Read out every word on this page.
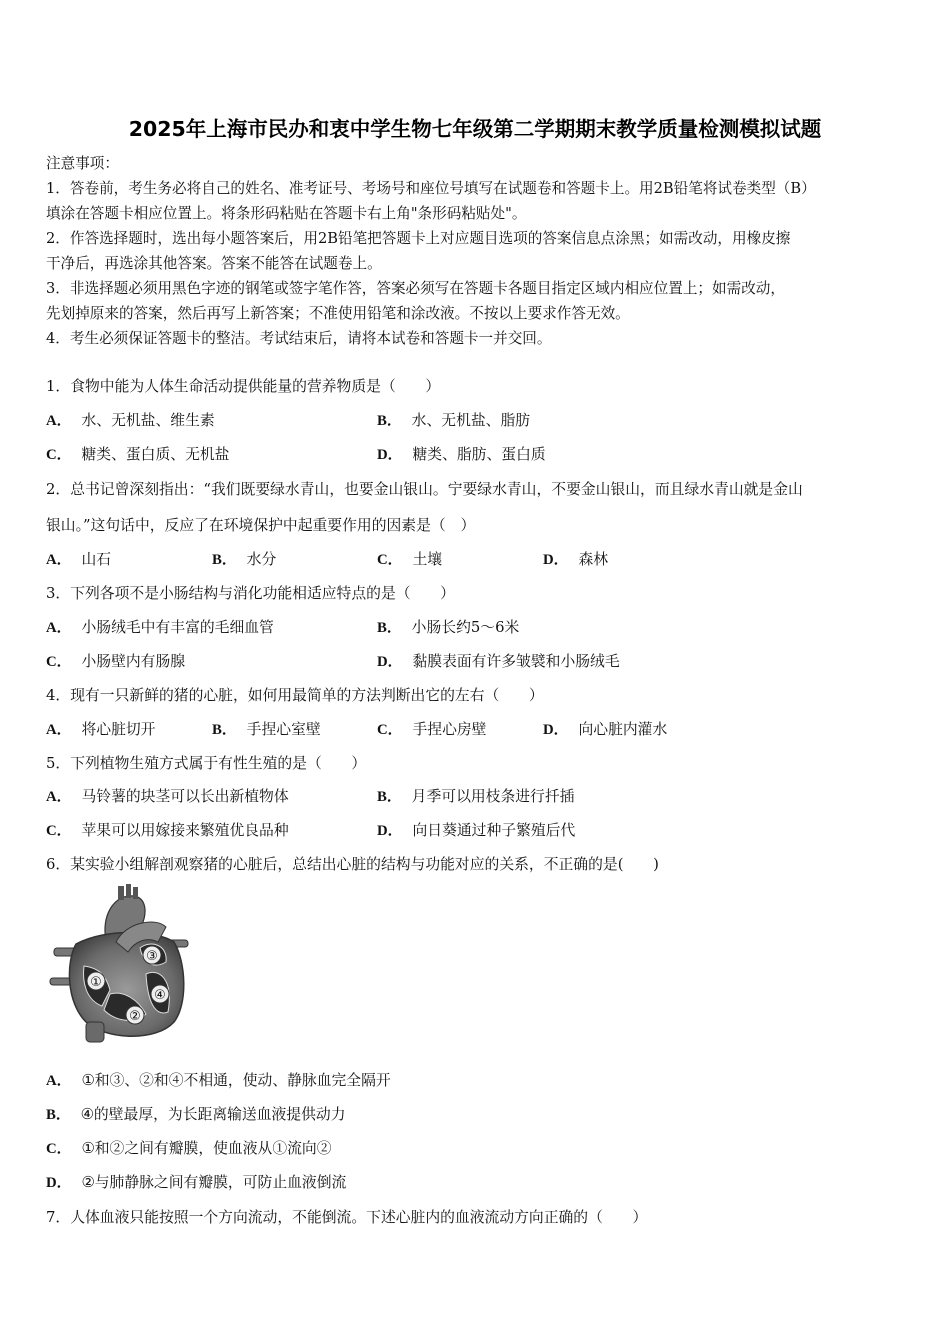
2025年上海市民办和衷中学生物七年级第二学期期末教学质量检测模拟试题
注意事项：
1．答卷前，考生务必将自己的姓名、准考证号、考场号和座位号填写在试题卷和答题卡上。用2B铅笔将试卷类型（B）
填涂在答题卡相应位置上。将条形码粘贴在答题卡右上角"条形码粘贴处"。
2．作答选择题时，选出每小题答案后，用2B铅笔把答题卡上对应题目选项的答案信息点涂黑；如需改动，用橡皮擦
干净后，再选涂其他答案。答案不能答在试题卷上。
3．非选择题必须用黑色字迹的钢笔或签字笔作答，答案必须写在答题卡各题目指定区域内相应位置上；如需改动，
先划掉原来的答案，然后再写上新答案；不准使用铅笔和涂改液。不按以上要求作答无效。
4．考生必须保证答题卡的整洁。考试结束后，请将本试卷和答题卡一并交回。
1．食物中能为人体生命活动提供能量的营养物质是（　　）
A． 水、无机盐、维生素	B． 水、无机盐、脂肪
C． 糖类、蛋白质、无机盐	D． 糖类、脂肪、蛋白质
2．总书记曾深刻指出：“我们既要绿水青山，也要金山银山。宁要绿水青山，不要金山银山，而且绿水青山就是金山
银山。”这句话中，反应了在环境保护中起重要作用的因素是（　）
A． 山石	B． 水分	C． 土壤	D． 森林
3．下列各项不是小肠结构与消化功能相适应特点的是（　　）
A． 小肠绒毛中有丰富的毛细血管	B． 小肠长约5～6米
C． 小肠壁内有肠腺	D． 黏膜表面有许多皱襞和小肠绒毛
4．现有一只新鲜的猪的心脏，如何用最简单的方法判断出它的左右（　　）
A． 将心脏切开	B． 手捏心室壁	C． 手捏心房壁	D． 向心脏内灌水
5．下列植物生殖方式属于有性生殖的是（　　）
A． 马铃薯的块茎可以长出新植物体	B． 月季可以用枝条进行扦插
C． 苹果可以用嫁接来繁殖优良品种	D． 向日葵通过种子繁殖后代
6．某实验小组解剖观察猪的心脏后，总结出心脏的结构与功能对应的关系，不正确的是(　　)
①
②
③
④
A． ①和③、②和④不相通，使动、静脉血完全隔开
B． ④的壁最厚，为长距离输送血液提供动力
C． ①和②之间有瓣膜，使血液从①流向②
D． ②与肺静脉之间有瓣膜，可防止血液倒流
7．人体血液只能按照一个方向流动，不能倒流。下述心脏内的血液流动方向正确的（　　）
